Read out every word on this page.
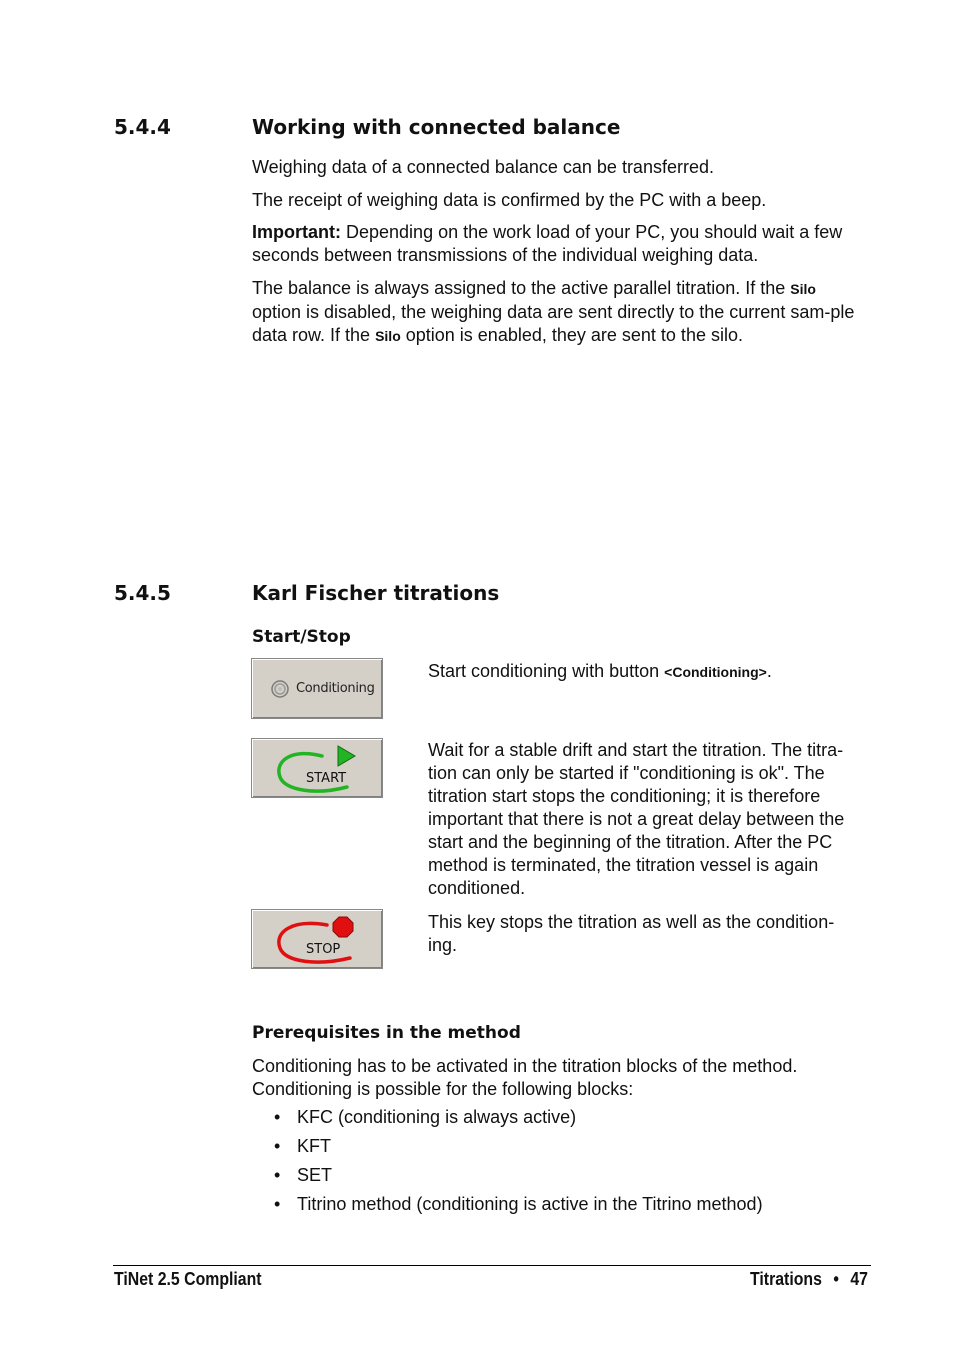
5.4.4	Working with connected balance
Weighing data of a connected balance can be transferred.
The receipt of weighing data is confirmed by the PC with a beep.
Important: Depending on the work load of your PC, you should wait a few seconds between transmissions of the individual weighing data.
The balance is always assigned to the active parallel titration. If the Silo option is disabled, the weighing data are sent directly to the current sam-ple data row. If the Silo option is enabled, they are sent to the silo.
5.4.5	Karl Fischer titrations
Start/Stop
Conditioning
Start conditioning with button <Conditioning>.
START
Wait for a stable drift and start the titration. The titra-tion can only be started if "conditioning is ok". The titration start stops the conditioning; it is therefore important that there is not a great delay between the start and the beginning of the titration. After the PC method is terminated, the titration vessel is again conditioned.
STOP
This key stops the titration as well as the condition-ing.
Prerequisites in the method
Conditioning has to be activated in the titration blocks of the method. Conditioning is possible for the following blocks:
• KFC (conditioning is always active)
• KFT
• SET
• Titrino method (conditioning is active in the Titrino method)
TiNet 2.5 Compliant	Titrations • 47
